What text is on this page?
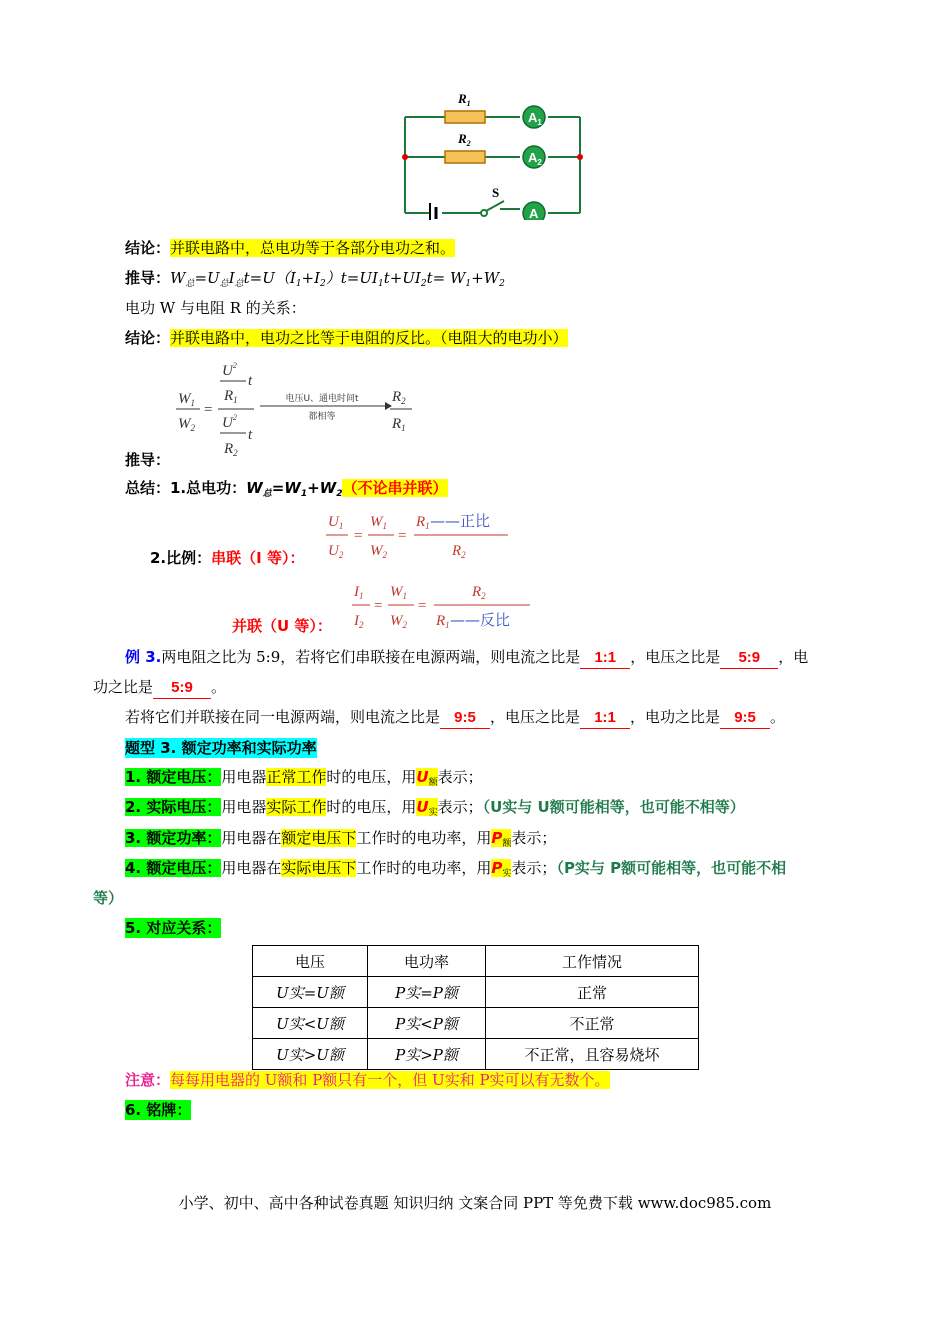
$A_1$
$A_2$
A
$R_1$
$R_2$
S
结论：并联电路中，总电功等于各部分电功之和。
推导：$W_总=U_总I_总t=U(I_1+I_2)t=UI_1t+UI_2t= W_1+W_2$
电功 W 与电阻 R 的关系：
结论：并联电路中，电功之比等于电阻的反比。（电阻大的电功小）
$W_1$
$W_2$
=
$U^2$
$R_1$
t
$U^2$
$R_2$
t
$R_2$
$R_1$
电压U、通电时间t
都相等
推导：
总结：1.总电功：$W_总=W_1+W_2$（不论串并联）
2.比例：串联（I 等）：
$U_1$
$U_2$
=
$W_1$
$W_2$
=
$R_1$
$R_2$
——正比
$I_1$
$I_2$
=
$W_1$
$W_2$
=
$R_2$
$R_1$ ——反比
并联（U 等）：
例 3.两电阻之比为 5:9，若将它们串联接在电源两端，则电流之比是 1:1 ，电压之比是 5:9 ，电
功之比是 5:9 。
若将它们并联接在同一电源两端，则电流之比是 9:5 ，电压之比是 1:1 ，电功之比是 9:5 。
题型 3. 额定功率和实际功率
1. 额定电压：用电器正常工作时的电压，用$U_额$表示；
2. 实际电压：用电器实际工作时的电压，用$U_实$表示；（U实与 U额可能相等，也可能不相等）
3. 额定功率：用电器在额定电压下工作时的电功率，用$P_额$表示；
4. 额定电压：用电器在实际电压下工作时的电功率，用$P_实$表示；（P实与 P额可能相等，也可能不相
等）
5. 对应关系：
电压	电功率	工作情况
U实=U额	P实=P额	正常
U实<U额	P实<P额	不正常
U实>U额	P实>P额	不正常，且容易烧坏
注意：每每用电器的 U额和 P额只有一个，但 U实和 P实可以有无数个。
6. 铭牌：
小学、初中、高中各种试卷真题 知识归纳 文案合同 PPT 等免费下载 www.doc985.com
